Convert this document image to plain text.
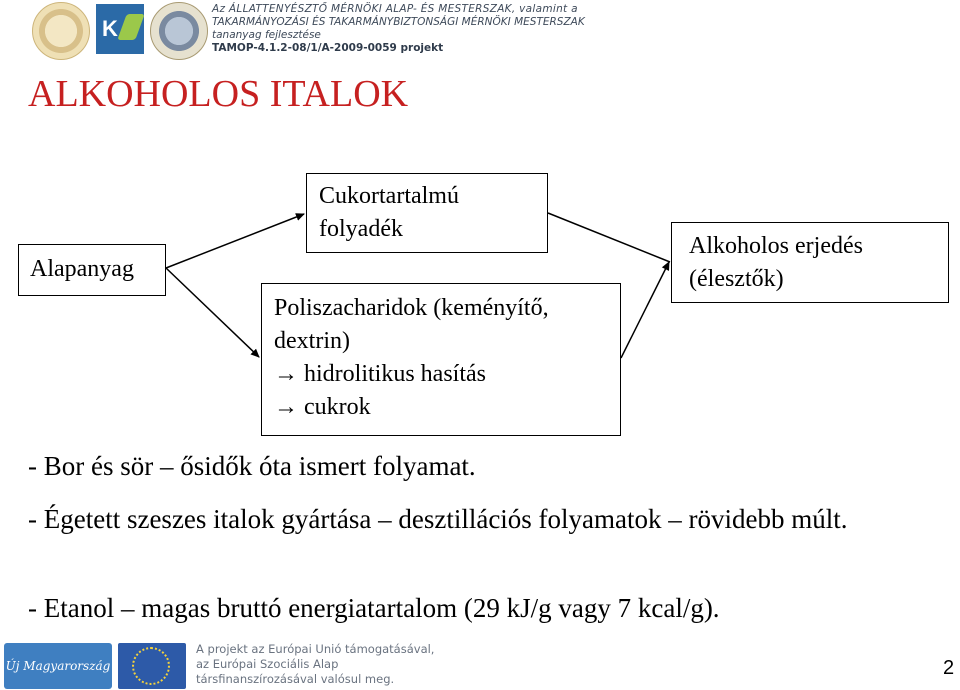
K
Az ÁLLATTENYÉSZTŐ MÉRNÖKI ALAP- ÉS MESTERSZAK, valamint a
TAKARMÁNYOZÁSI ÉS TAKARMÁNYBIZTONSÁGI MÉRNÖKI MESTERSZAK
tananyag fejlesztése
TAMOP-4.1.2-08/1/A-2009-0059 projekt
ALKOHOLOS ITALOK
Alapanyag
Cukortartalmú
folyadék
Poliszacharidok (keményítő,
dextrin)
→ hidrolitikus hasítás
→ cukrok
Alkoholos erjedés
(élesztők)
- Bor és sör – ősidők óta ismert folyamat.
- Égetett szeszes italok gyártása – desztillációs folyamatok – rövidebb múlt.
- Etanol – magas bruttó energiatartalom (29 kJ/g vagy 7 kcal/g).
Új Magyarország
A projekt az Európai Unió támogatásával,
az Európai Szociális Alap
társfinanszírozásával valósul meg.	2
